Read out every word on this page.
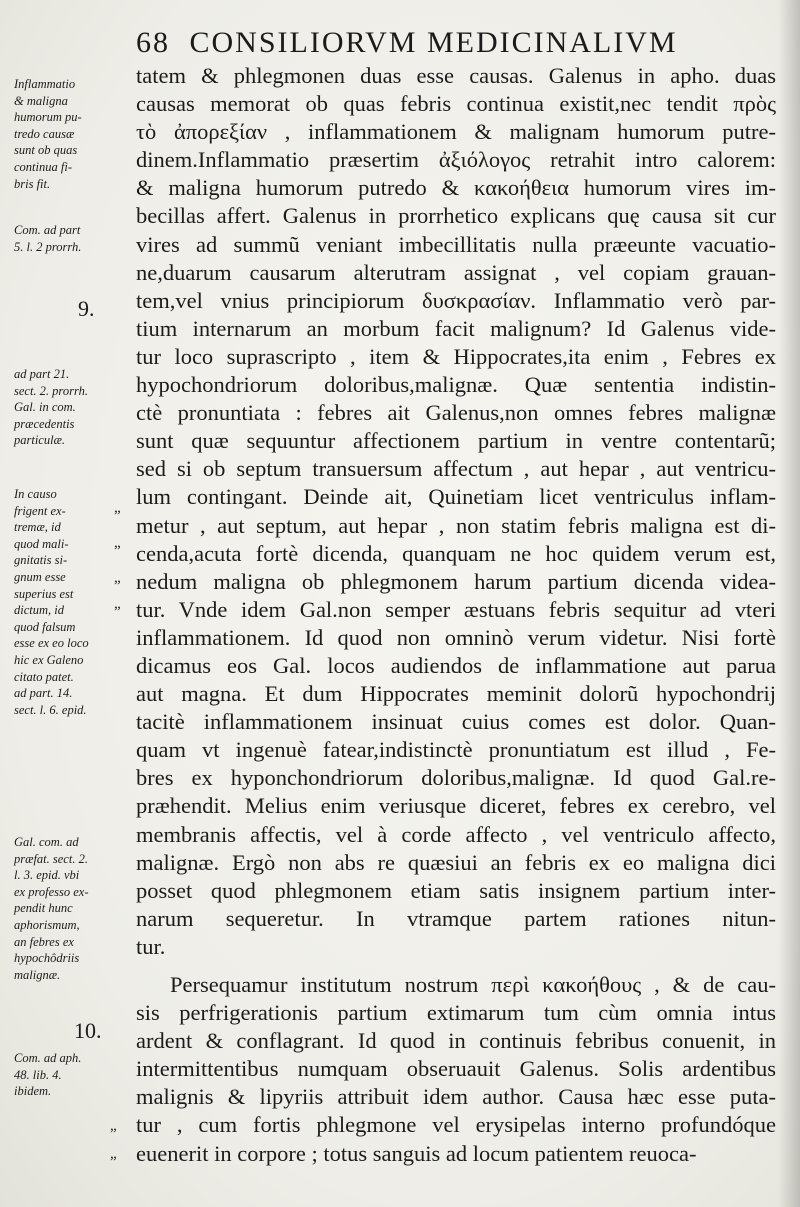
68 CONSILIORVM MEDICINALIVM
tatem & phlegmonen duas esse causas. Galenus in apho. duas
causas memorat ob quas febris continua existit,nec tendit πρὸς
τὸ ἀπορεξίαν , inflammationem & malignam humorum putre-
dinem.Inflammatio præsertim ἀξιόλογος retrahit intro calorem:
& maligna humorum putredo & κακοήθεια humorum vires im-
becillas affert. Galenus in prorrhetico explicans quę causa sit cur
vires ad summũ veniant imbecillitatis nulla præeunte vacuatio-
ne,duarum causarum alterutram assignat , vel copiam grauan-
tem,vel vnius principiorum δυσκρασίαν. Inflammatio verò par-
tium internarum an morbum facit malignum? Id Galenus vide-
tur loco suprascripto , item & Hippocrates,ita enim , Febres ex
hypochondriorum doloribus,malignæ. Quæ sententia indistin-
ctè pronuntiata : febres ait Galenus,non omnes febres malignæ
sunt quæ sequuntur affectionem partium in ventre contentarũ;
sed si ob septum transuersum affectum , aut hepar , aut ventricu-
lum contingant. Deinde ait, Quinetiam licet ventriculus inflam-
metur , aut septum, aut hepar , non statim febris maligna est di-
cenda,acuta fortè dicenda, quanquam ne hoc quidem verum est,
nedum maligna ob phlegmonem harum partium dicenda videa-
tur. Vnde idem Gal.non semper æstuans febris sequitur ad vteri
inflammationem. Id quod non omninò verum videtur. Nisi fortè
dicamus eos Gal. locos audiendos de inflammatione aut parua
aut magna. Et dum Hippocrates meminit dolorũ hypochondrij
tacitè inflammationem insinuat cuius comes est dolor. Quan-
quam vt ingenuè fatear,indistinctè pronuntiatum est illud , Fe-
bres ex hyponchondriorum doloribus,malignæ. Id quod Gal.re-
præhendit. Melius enim veriusque diceret, febres ex cerebro, vel
membranis affectis, vel à corde affecto , vel ventriculo affecto,
malignæ. Ergò non abs re quæsiui an febris ex eo maligna dici
posset quod phlegmonem etiam satis insignem partium inter-
narum sequeretur. In vtramque partem rationes nitun-
tur.
Persequamur institutum nostrum περὶ κακοήθους , & de cau-
sis perfrigerationis partium extimarum tum cùm omnia intus
ardent & conflagrant. Id quod in continuis febribus conuenit, in
intermittentibus numquam obseruauit Galenus. Solis ardentibus
malignis & lipyriis attribuit idem author. Causa hæc esse puta-
tur , cum fortis phlegmone vel erysipelas interno profundóque
euenerit in corpore ; totus sanguis ad locum patientem reuoca-
Inflammatio
& maligna
humorum pu-
tredo causæ
sunt ob quas
continua fi-
bris fit.
Com. ad part
5. l. 2 prorrh.
9.
ad part 21.
sect. 2. prorrh.
Gal. in com.
præcedentis
particulæ.
In causo
frigent ex-
tremæ, id
quod mali-
gnitatis si-
gnum esse
superius est
dictum, id
quod falsum
esse ex eo loco
hic ex Galeno
citato patet.
ad part. 14.
sect. l. 6. epid.
Gal. com. ad
præfat. sect. 2.
l. 3. epid. vbi
ex professo ex-
pendit hunc
aphorismum,
an febres ex
hypochôdriis
malignæ.
10.
Com. ad aph.
48. lib. 4.
ibidem.
„
„
„
„
„
„
